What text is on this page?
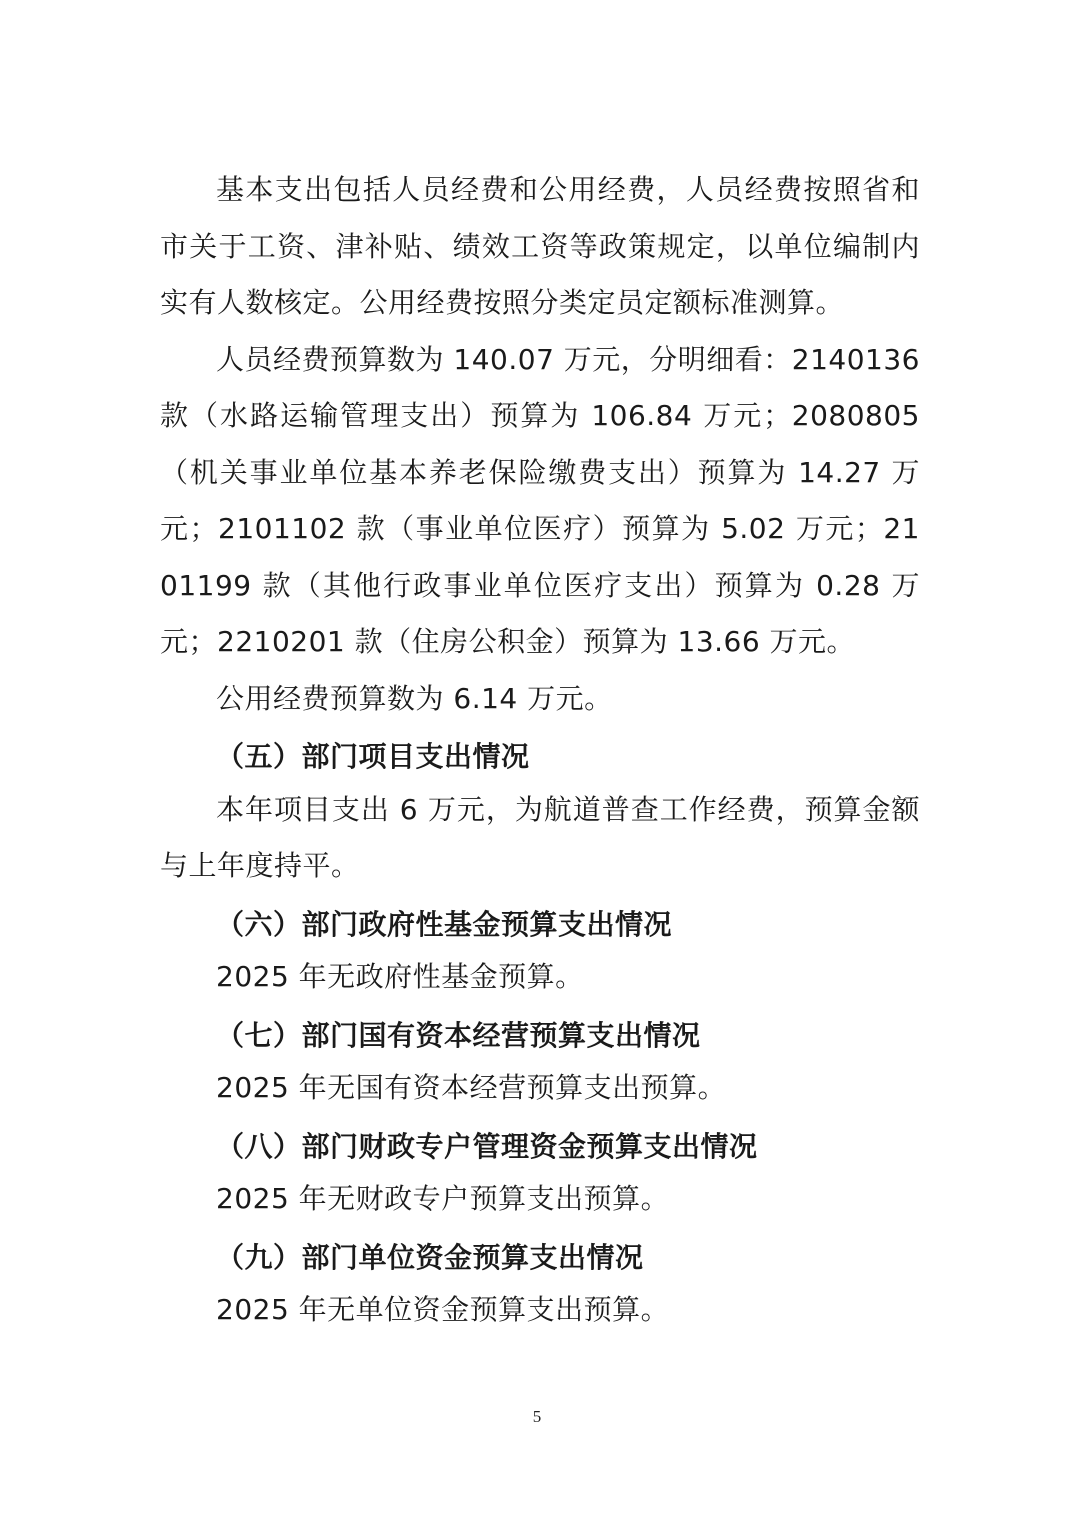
基本支出包括人员经费和公用经费，人员经费按照省和市关于工资、津补贴、绩效工资等政策规定，以单位编制内实有人数核定。公用经费按照分类定员定额标准测算。

人员经费预算数为 140.07 万元，分明细看：2140136 款（水路运输管理支出）预算为 106.84 万元；2080805（机关事业单位基本养老保险缴费支出）预算为 14.27 万元；2101102 款（事业单位医疗）预算为 5.02 万元；2101199 款（其他行政事业单位医疗支出）预算为 0.28 万元；2210201 款（住房公积金）预算为 13.66 万元。

公用经费预算数为 6.14 万元。

（五）部门项目支出情况

本年项目支出 6 万元，为航道普查工作经费，预算金额与上年度持平。

（六）部门政府性基金预算支出情况

2025 年无政府性基金预算。

（七）部门国有资本经营预算支出情况

2025 年无国有资本经营预算支出预算。

（八）部门财政专户管理资金预算支出情况

2025 年无财政专户预算支出预算。

（九）部门单位资金预算支出情况

2025 年无单位资金预算支出预算。

5
